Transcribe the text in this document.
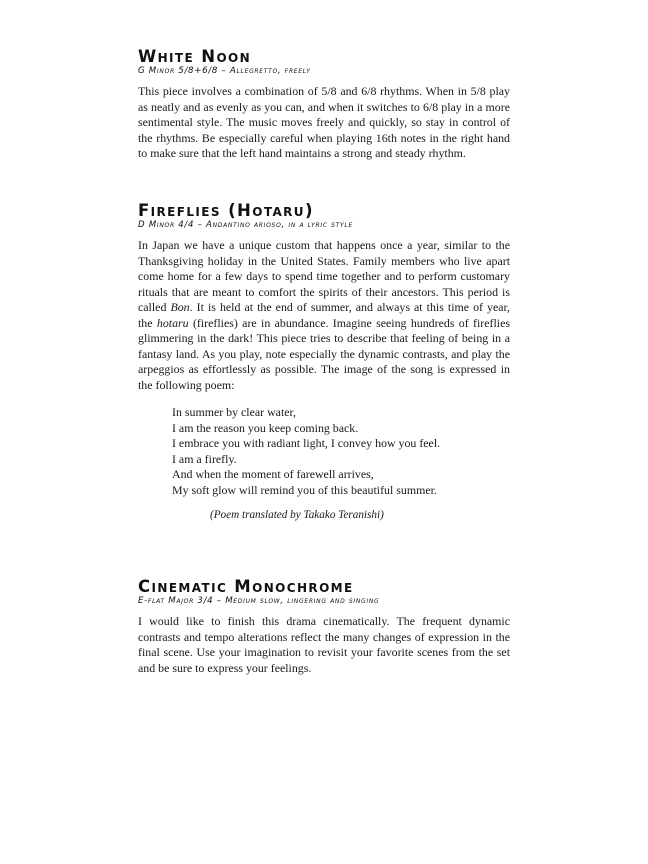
White Noon
G Minor 5/8+6/8 – Allegretto, freely

This piece involves a combination of 5/8 and 6/8 rhythms. When in 5/8 play as neatly and as evenly as you can, and when it switches to 6/8 play in a more sentimental style. The music moves freely and quickly, so stay in control of the rhythms. Be especially careful when playing 16th notes in the right hand to make sure that the left hand maintains a strong and steady rhythm.

Fireflies (Hotaru)
D Minor 4/4 – Andantino arioso, in a lyric style

In Japan we have a unique custom that happens once a year, similar to the Thanksgiving holiday in the United States. Family members who live apart come home for a few days to spend time together and to perform customary rituals that are meant to comfort the spirits of their ancestors. This period is called Bon. It is held at the end of summer, and always at this time of year, the hotaru (fireflies) are in abundance. Imagine seeing hundreds of fireflies glimmering in the dark! This piece tries to describe that feeling of being in a fantasy land. As you play, note especially the dynamic contrasts, and play the arpeggios as effortlessly as possible. The image of the song is expressed in the following poem:

In summer by clear water,
I am the reason you keep coming back.
I embrace you with radiant light, I convey how you feel.
I am a firefly.
And when the moment of farewell arrives,
My soft glow will remind you of this beautiful summer.
(Poem translated by Takako Teranishi)
Cinematic Monochrome
E-flat Major 3/4 – Medium slow, lingering and singing

I would like to finish this drama cinematically. The frequent dynamic contrasts and tempo alterations reflect the many changes of expression in the final scene. Use your imagination to revisit your favorite scenes from the set and be sure to express your feelings.
